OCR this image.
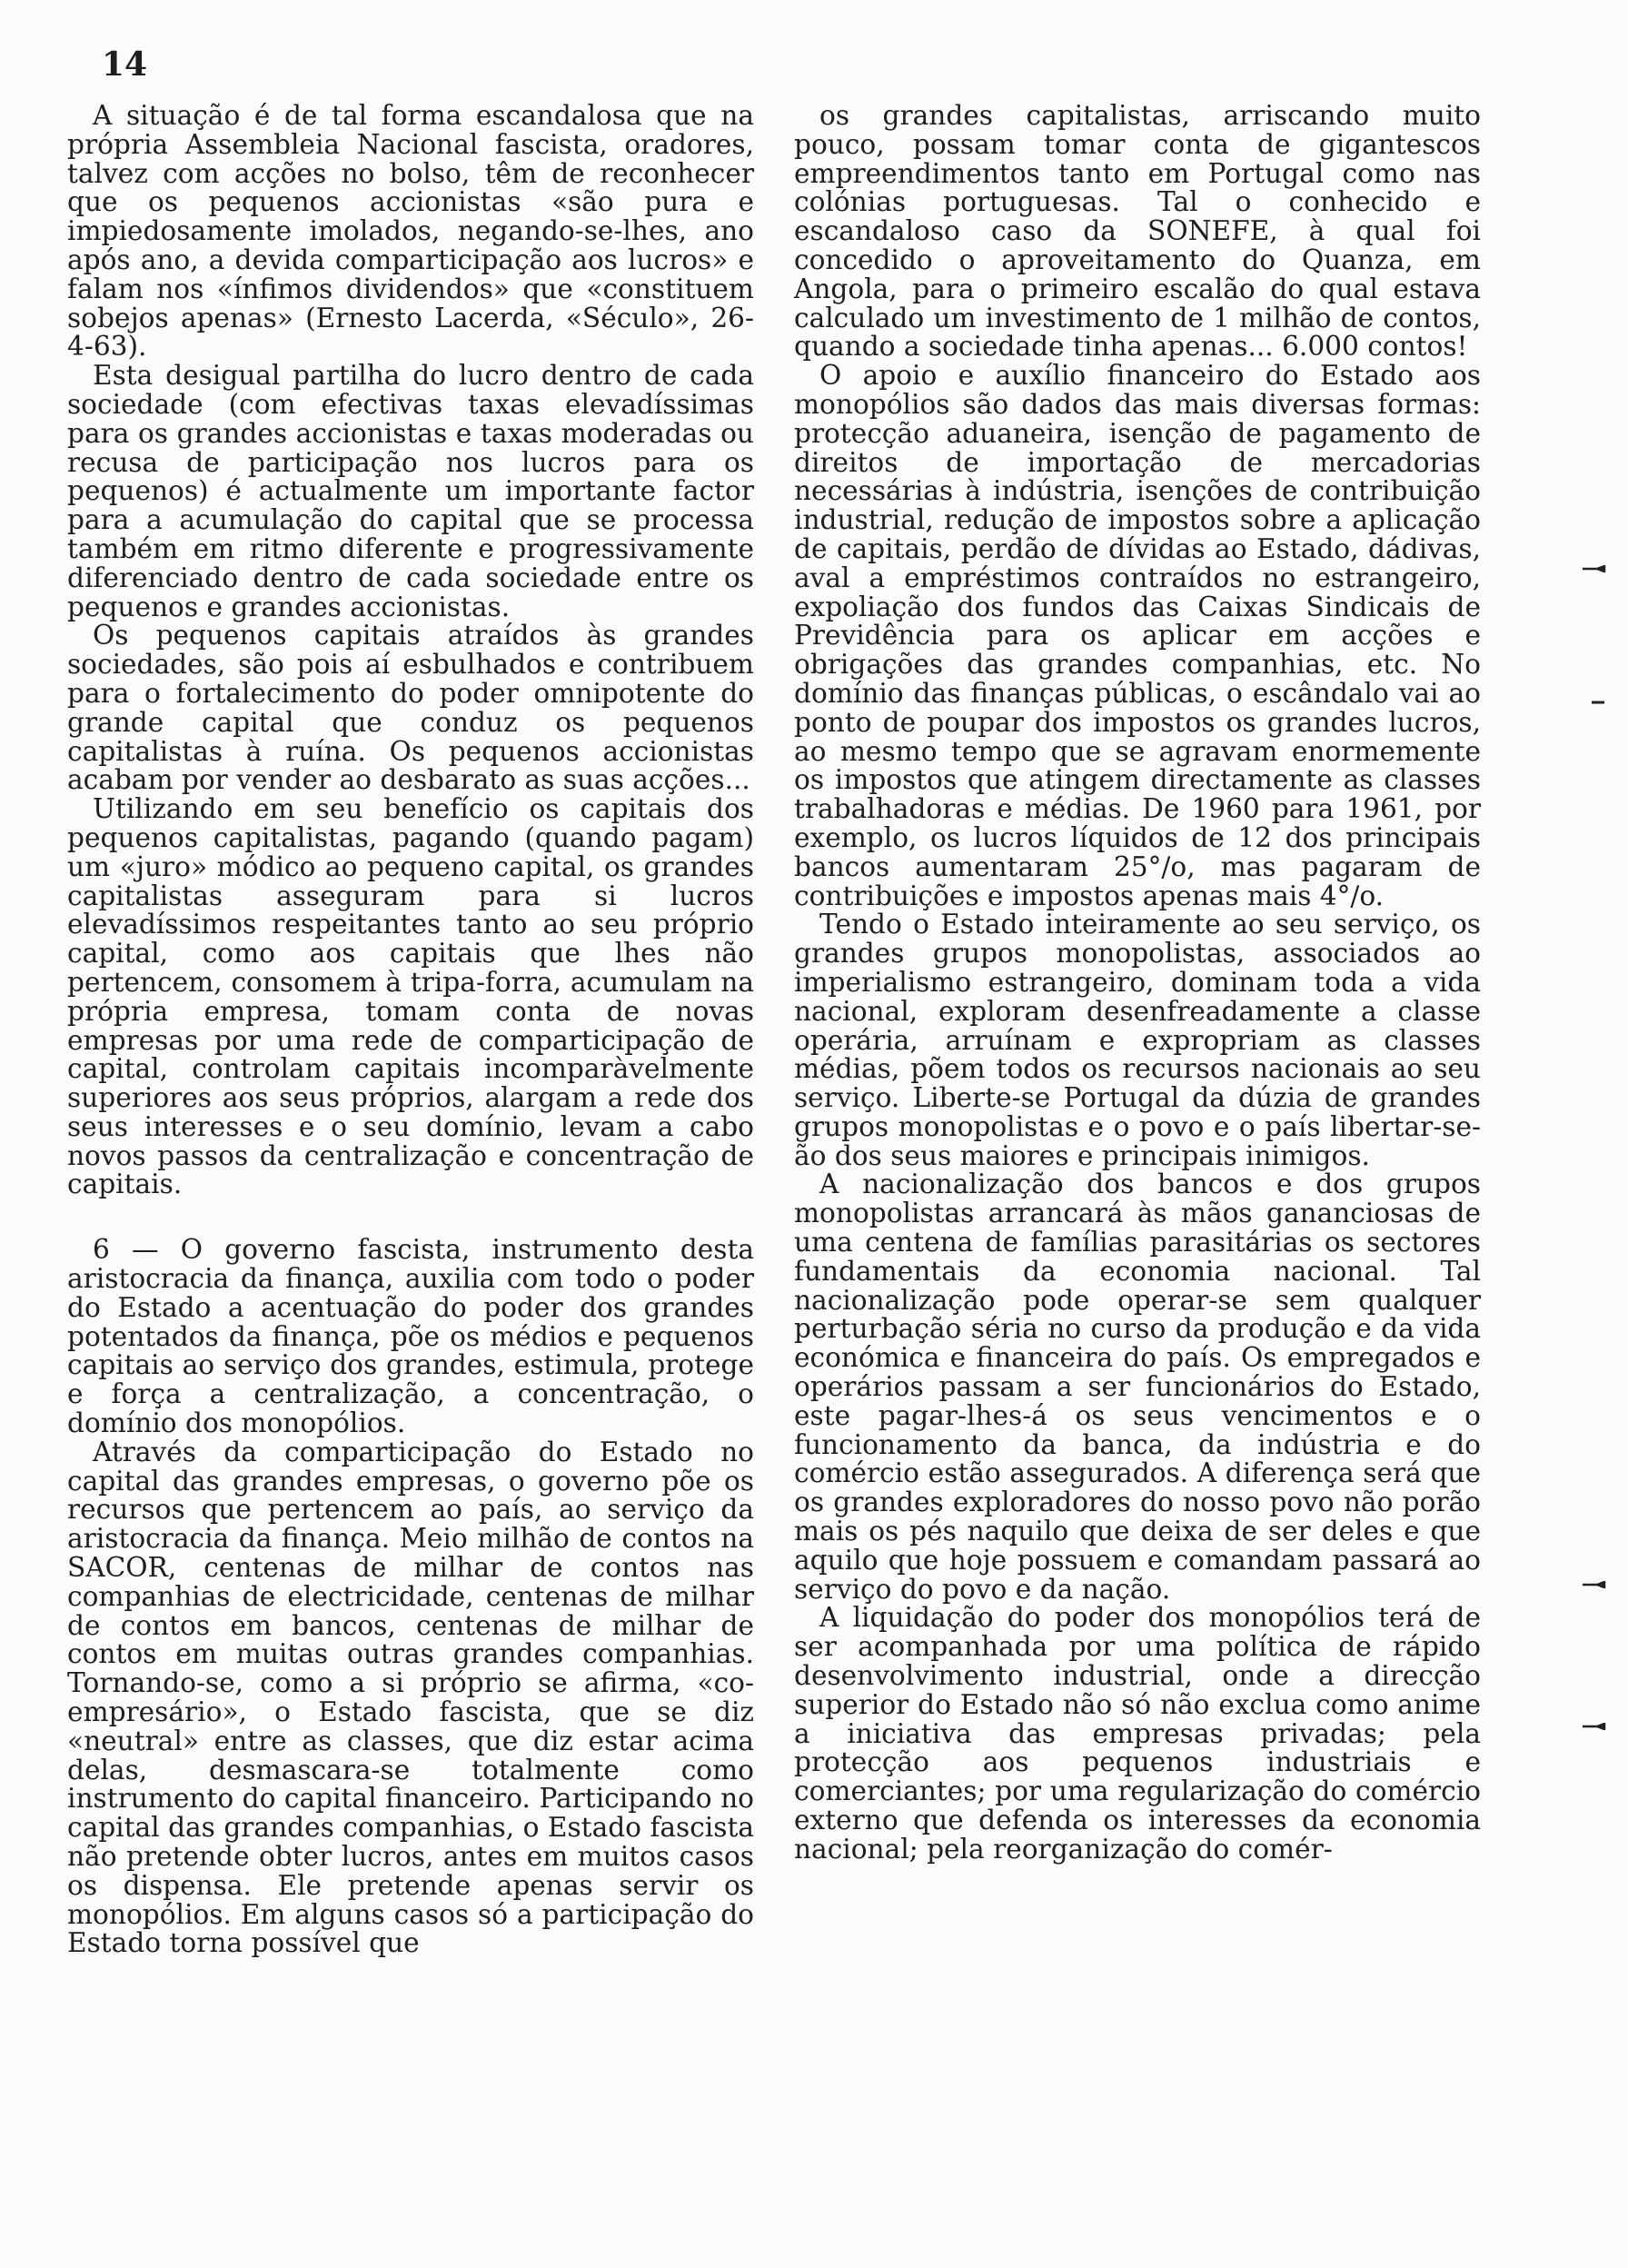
14

A situação é de tal forma escandalosa que na própria Assembleia Nacional fascista, oradores, talvez com acções no bolso, têm de reconhecer que os pequenos accionistas «são pura e impiedosamente imolados, negando-se-lhes, ano após ano, a devida comparticipação aos lucros» e falam nos «ínfimos dividendos» que «constituem sobejos apenas» (Ernesto Lacerda, «Século», 26-4-63).

Esta desigual partilha do lucro dentro de cada sociedade (com efectivas taxas elevadíssimas para os grandes accionistas e taxas moderadas ou recusa de participação nos lucros para os pequenos) é actualmente um importante factor para a acumulação do capital que se processa também em ritmo diferente e progressivamente diferenciado dentro de cada sociedade entre os pequenos e grandes accionistas.

Os pequenos capitais atraídos às grandes sociedades, são pois aí esbulhados e contribuem para o fortalecimento do poder omnipotente do grande capital que conduz os pequenos capitalistas à ruína. Os pequenos accionistas acabam por vender ao desbarato as suas acções...

Utilizando em seu benefício os capitais dos pequenos capitalistas, pagando (quando pagam) um «juro» módico ao pequeno capital, os grandes capitalistas asseguram para si lucros elevadíssimos respeitantes tanto ao seu próprio capital, como aos capitais que lhes não pertencem, consomem à tripa-forra, acumulam na própria empresa, tomam conta de novas empresas por uma rede de comparticipação de capital, controlam capitais incomparàvelmente superiores aos seus próprios, alargam a rede dos seus interesses e o seu domínio, levam a cabo novos passos da centralização e concentração de capitais.

6 — O governo fascista, instrumento desta aristocracia da finança, auxilia com todo o poder do Estado a acentuação do poder dos grandes potentados da finança, põe os médios e pequenos capitais ao serviço dos grandes, estimula, protege e força a centralização, a concentração, o domínio dos monopólios.

Através da comparticipação do Estado no capital das grandes empresas, o governo põe os recursos que pertencem ao país, ao serviço da aristocracia da finança. Meio milhão de contos na SACOR, centenas de milhar de contos nas companhias de electricidade, centenas de milhar de contos em bancos, centenas de milhar de contos em muitas outras grandes companhias. Tornando-se, como a si próprio se afirma, «co-empresário», o Estado fascista, que se diz «neutral» entre as classes, que diz estar acima delas, desmascara-se totalmente como instrumento do capital financeiro. Participando no capital das grandes companhias, o Estado fascista não pretende obter lucros, antes em muitos casos os dispensa. Ele pretende apenas servir os monopólios. Em alguns casos só a participação do Estado torna possível que

os grandes capitalistas, arriscando muito pouco, possam tomar conta de gigantescos empreendimentos tanto em Portugal como nas colónias portuguesas. Tal o conhecido e escandaloso caso da SONEFE, à qual foi concedido o aproveitamento do Quanza, em Angola, para o primeiro escalão do qual estava calculado um investimento de 1 milhão de contos, quando a sociedade tinha apenas... 6.000 contos!

O apoio e auxílio financeiro do Estado aos monopólios são dados das mais diversas formas: protecção aduaneira, isenção de pagamento de direitos de importação de mercadorias necessárias à indústria, isenções de contribuição industrial, redução de impostos sobre a aplicação de capitais, perdão de dívidas ao Estado, dádivas, aval a empréstimos contraídos no estrangeiro, expoliação dos fundos das Caixas Sindicais de Previdência para os aplicar em acções e obrigações das grandes companhias, etc. No domínio das finanças públicas, o escândalo vai ao ponto de poupar dos impostos os grandes lucros, ao mesmo tempo que se agravam enormemente os impostos que atingem directamente as classes trabalhadoras e médias. De 1960 para 1961, por exemplo, os lucros líquidos de 12 dos principais bancos aumentaram 25°/o, mas pagaram de contribuições e impostos apenas mais 4°/o.

Tendo o Estado inteiramente ao seu serviço, os grandes grupos monopolistas, associados ao imperialismo estrangeiro, dominam toda a vida nacional, exploram desenfreadamente a classe operária, arruínam e expropriam as classes médias, põem todos os recursos nacionais ao seu serviço. Liberte-se Portugal da dúzia de grandes grupos monopolistas e o povo e o país libertar-se-ão dos seus maiores e principais inimigos.

A nacionalização dos bancos e dos grupos monopolistas arrancará às mãos gananciosas de uma centena de famílias parasitárias os sectores fundamentais da economia nacional. Tal nacionalização pode operar-se sem qualquer perturbação séria no curso da produção e da vida económica e financeira do país. Os empregados e operários passam a ser funcionários do Estado, este pagar-lhes-á os seus vencimentos e o funcionamento da banca, da indústria e do comércio estão assegurados. A diferença será que os grandes exploradores do nosso povo não porão mais os pés naquilo que deixa de ser deles e que aquilo que hoje possuem e comandam passará ao serviço do povo e da nação.

A liquidação do poder dos monopólios terá de ser acompanhada por uma política de rápido desenvolvimento industrial, onde a direcção superior do Estado não só não exclua como anime a iniciativa das empresas privadas; pela protecção aos pequenos industriais e comerciantes; por uma regularização do comércio externo que defenda os interesses da economia nacional; pela reorganização do comér-
